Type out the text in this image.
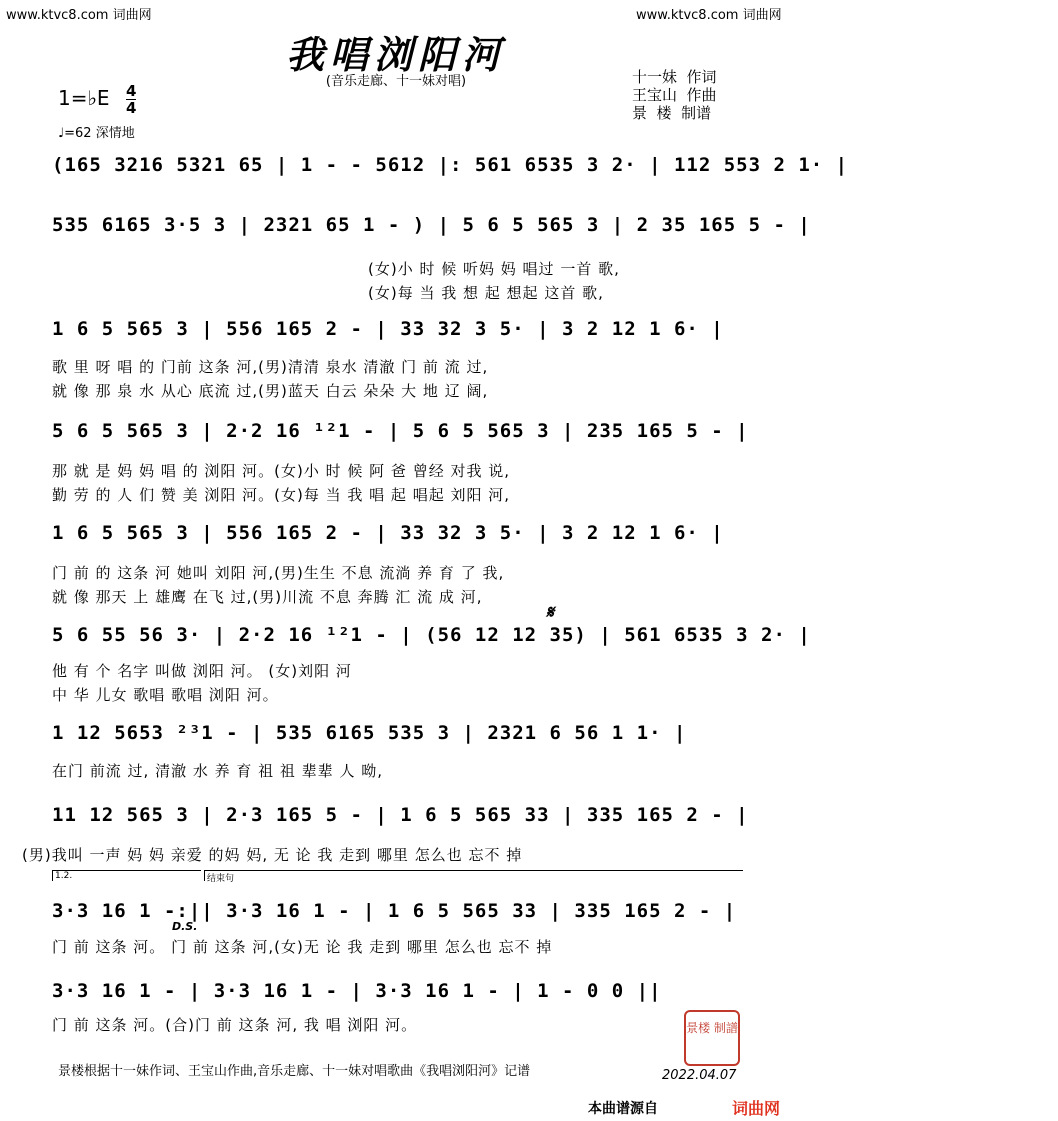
www.ktvc8.com 词曲网	www.ktvc8.com 词曲网
我唱浏阳河
(音乐走廊、十一妹对唱)	十一妹  作词
王宝山  作曲
景  楼  制谱
1=♭E 4
4
♩=62 深情地
(165 3216 5321 65 | 1 - - 5612 |: 561 6535 3 2· | 112 553 2 1· |
535 6165 3·5 3 | 2321 65 1 - ) | 5 6 5 565 3 | 2 35 165 5 - |
(女)小 时 候 听妈 妈 唱过 一首 歌,
(女)每 当 我 想 起 想起 这首 歌,
1 6 5 565 3 | 556 165 2 - | 33 32 3 5· | 3 2 12 1 6· |
歌 里 呀 唱 的 门前 这条 河,(男)清清 泉水 清澈 门 前 流 过,
就 像 那 泉 水 从心 底流 过,(男)蓝天 白云 朵朵 大 地 辽 阔,
5 6 5 565 3 | 2·2 16 ¹²1 - | 5 6 5 565 3 | 235 165 5 - |
那 就 是 妈 妈 唱 的 浏阳 河。(女)小 时 候 阿 爸 曾经 对我 说,
勤 劳 的 人 们 赞 美 浏阳 河。(女)每 当 我 唱 起 唱起 刘阳 河,
1 6 5 565 3 | 556 165 2 - | 33 32 3 5· | 3 2 12 1 6· |
门 前 的 这条 河 她叫 刘阳 河,(男)生生 不息 流淌 养 育 了 我,
就 像 那天 上 雄鹰 在飞 过,(男)川流 不息 奔腾 汇 流 成 河,
5 6 55 56 3· | 2·2 16 ¹²1 - | (56 12 12 35) | 561 6535 3 2· |
他 有 个 名字 叫做 浏阳 河。 (女)刘阳 河
中 华 儿女 歌唱 歌唱 浏阳 河。
𝄋
1 12 5653 ²³1 - | 535 6165 535 3 | 2321 6 56 1 1· |
在门 前流 过, 清澈 水 养 育 祖 祖 辈辈 人 呦,
11 12 565 3 | 2·3 165 5 - | 1 6 5 565 33 | 335 165 2 - |
(男)我叫 一声 妈 妈 亲爱 的妈 妈, 无 论 我 走到 哪里 怎么也 忘不 掉
1.2.	结束句
3·3 16 1 -:|| 3·3 16 1 - | 1 6 5 565 33 | 335 165 2 - |
D.S.
门 前 这条 河。 门 前 这条 河,(女)无 论 我 走到 哪里 怎么也 忘不 掉
3·3 16 1 - | 3·3 16 1 - | 3·3 16 1 - | 1 - 0 0 ||
门 前 这条 河。(合)门 前 这条 河, 我 唱 浏阳 河。	景楼 制譜
景楼根据十一妹作词、王宝山作曲,音乐走廊、十一妹对唱歌曲《我唱浏阳河》记谱	2022.04.07
本曲谱源自	词曲网
